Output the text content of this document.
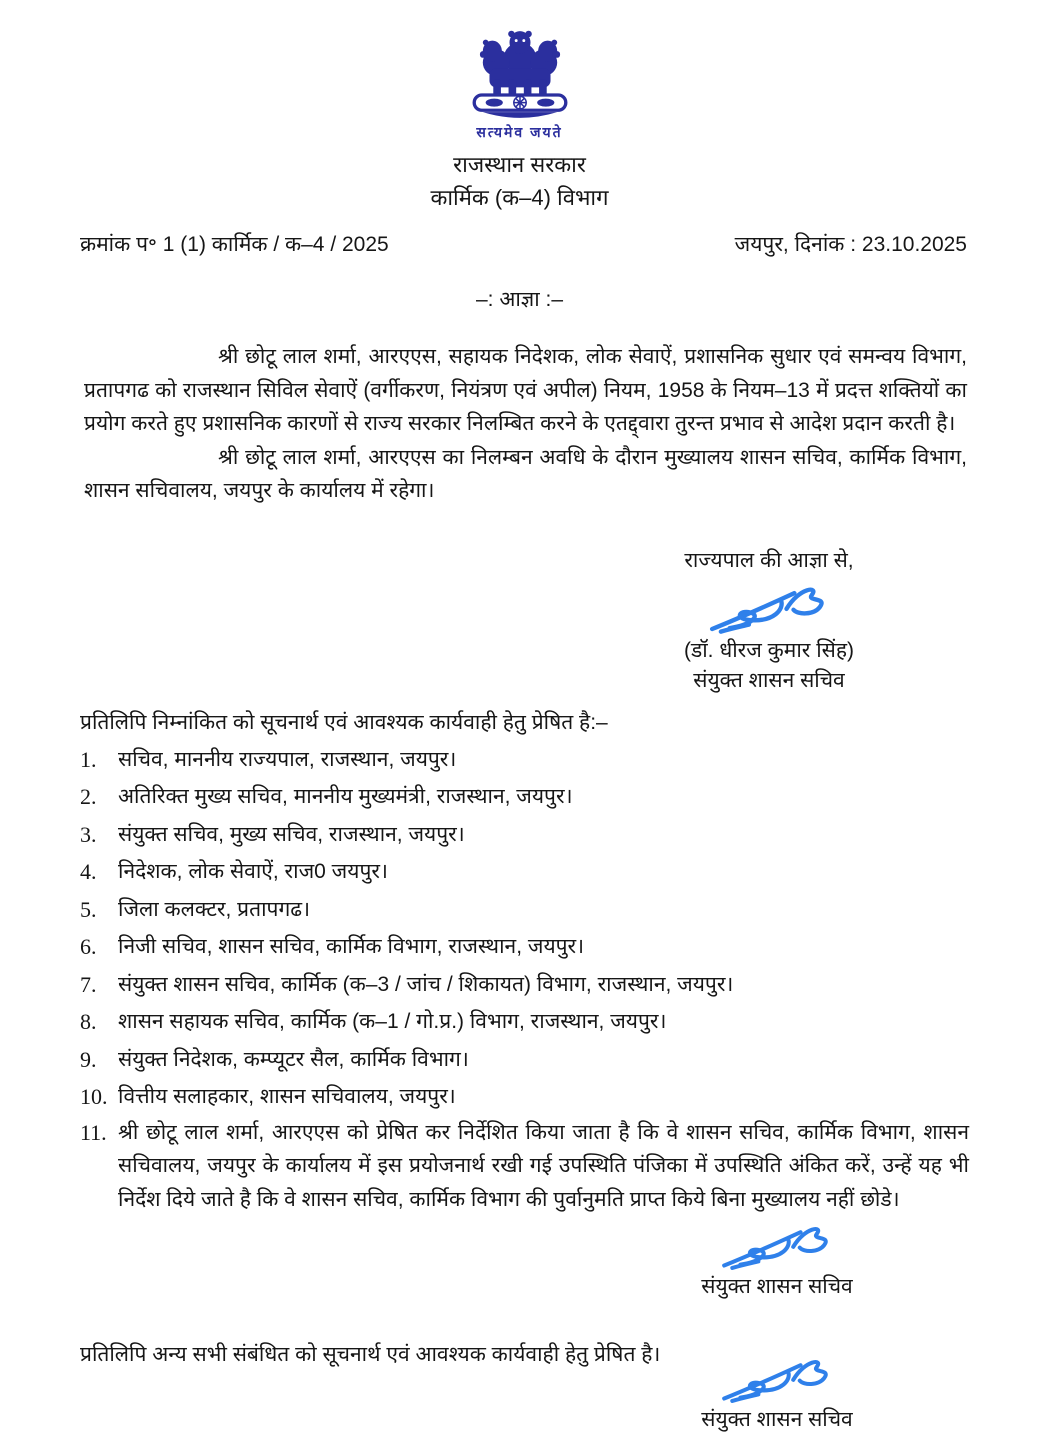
सत्यमेव जयते
राजस्थान सरकार
कार्मिक (क–4) विभाग
क्रमांक प॰ 1 (1) कार्मिक / क–4 / 2025	जयपुर, दिनांक : 23.10.2025
–: आज्ञा :–

श्री छोटू लाल शर्मा, आरएएस, सहायक निदेशक, लोक सेवाऐं, प्रशासनिक सुधार एवं समन्वय विभाग, प्रतापगढ को राजस्थान सिविल सेवाऐं (वर्गीकरण, नियंत्रण एवं अपील) नियम, 1958 के नियम–13 में प्रदत्त शक्तियों का प्रयोग करते हुए प्रशासनिक कारणों से राज्य सरकार निलम्बित करने के एतद्द्वारा तुरन्त प्रभाव से आदेश प्रदान करती है।

श्री छोटू लाल शर्मा, आरएएस का निलम्बन अवधि के दौरान मुख्यालय शासन सचिव, कार्मिक विभाग, शासन सचिवालय, जयपुर के कार्यालय में रहेगा।

राज्यपाल की आज्ञा से,
(डॉ. धीरज कुमार सिंह)
संयुक्त शासन सचिव
प्रतिलिपि निम्नांकित को सूचनार्थ एवं आवश्यक कार्यवाही हेतु प्रेषित है:–
1.	सचिव, माननीय राज्यपाल, राजस्थान, जयपुर।
2.	अतिरिक्त मुख्य सचिव, माननीय मुख्यमंत्री, राजस्थान, जयपुर।
3.	संयुक्त सचिव, मुख्य सचिव, राजस्थान, जयपुर।
4.	निदेशक, लोक सेवाऐं, राज0 जयपुर।
5.	जिला कलक्टर, प्रतापगढ।
6.	निजी सचिव, शासन सचिव, कार्मिक विभाग, राजस्थान, जयपुर।
7.	संयुक्त शासन सचिव, कार्मिक (क–3 / जांच / शिकायत) विभाग, राजस्थान, जयपुर।
8.	शासन सहायक सचिव, कार्मिक (क–1 / गो.प्र.) विभाग, राजस्थान, जयपुर।
9.	संयुक्त निदेशक, कम्प्यूटर सैल, कार्मिक विभाग।
10. वित्तीय सलाहकार, शासन सचिवालय, जयपुर।
11. श्री छोटू लाल शर्मा, आरएएस को प्रेषित कर निर्देशित किया जाता है कि वे शासन सचिव, कार्मिक विभाग, शासन सचिवालय, जयपुर के कार्यालय में इस प्रयोजनार्थ रखी गई उपस्थिति पंजिका में उपस्थिति अंकित करें, उन्हें यह भी निर्देश दिये जाते है कि वे शासन सचिव, कार्मिक विभाग की पुर्वानुमति प्राप्त किये बिना मुख्यालय नहीं छोडे।
संयुक्त शासन सचिव
प्रतिलिपि अन्य सभी संबंधित को सूचनार्थ एवं आवश्यक कार्यवाही हेतु प्रेषित है।
संयुक्त शासन सचिव
